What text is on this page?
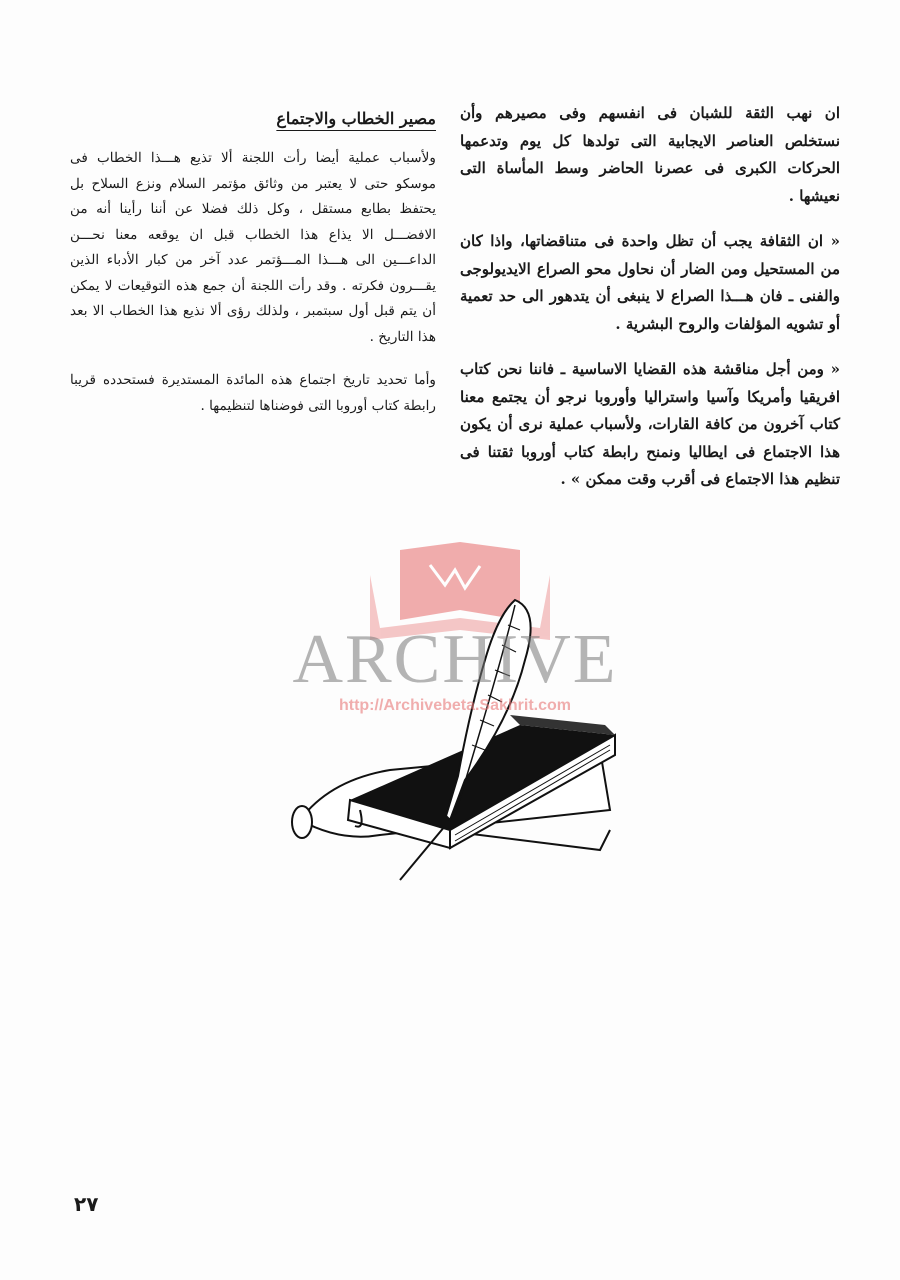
ان نهب الثقة للشبان فى انفسهم وفى مصيرهم وأن نستخلص العناصر الايجابية التى تولدها كل يوم وتدعمها الحركات الكبرى فى عصرنا الحاضر وسط المأساة التى نعيشها .

« ان الثقافة يجب أن تظل واحدة فى متناقضاتها، واذا كان من المستحيل ومن الضار أن نحاول محو الصراع الايديولوجى والفنى ـ فان هـــذا الصراع لا ينبغى أن يتدهور الى حد تعمية أو تشويه المؤلفات والروح البشرية .

« ومن أجل مناقشة هذه القضايا الاساسية ـ فاننا نحن كتاب افريقيا وأمريكا وآسيا واستراليا وأوروبا نرجو أن يجتمع معنا كتاب آخرون من كافة القارات، ولأسباب عملية نرى أن يكون هذا الاجتماع فى ايطاليا ونمنح رابطة كتاب أوروبا ثقتنا فى تنظيم هذا الاجتماع فى أقرب وقت ممكن » .

مصير الخطاب والاجتماع

ولأسباب عملية أيضا رأت اللجنة ألا تذيع هـــذا الخطاب فى موسكو حتى لا يعتبر من وثائق مؤتمر السلام ونزع السلاح بل يحتفظ بطابع مستقل ، وكل ذلك فضلا عن أننا رأينا أنه من الافضـــل الا يذاع هذا الخطاب قبل ان يوقعه معنا نحـــن الداعـــين الى هـــذا المـــؤتمر عدد آخر من كبار الأدباء الذين يقـــرون فكرته . وقد رأت اللجنة أن جمع هذه التوقيعات لا يمكن أن يتم قبل أول سبتمبر ، ولذلك رؤى ألا نذيع هذا الخطاب الا بعد هذا التاريخ .

وأما تحديد تاريخ اجتماع هذه المائدة المستديرة فستحدده قريبا رابطة كتاب أوروبا التى فوضناها لتنظيمها .

ARCHIVE
http://Archivebeta.Sakhrit.com
٢٧
